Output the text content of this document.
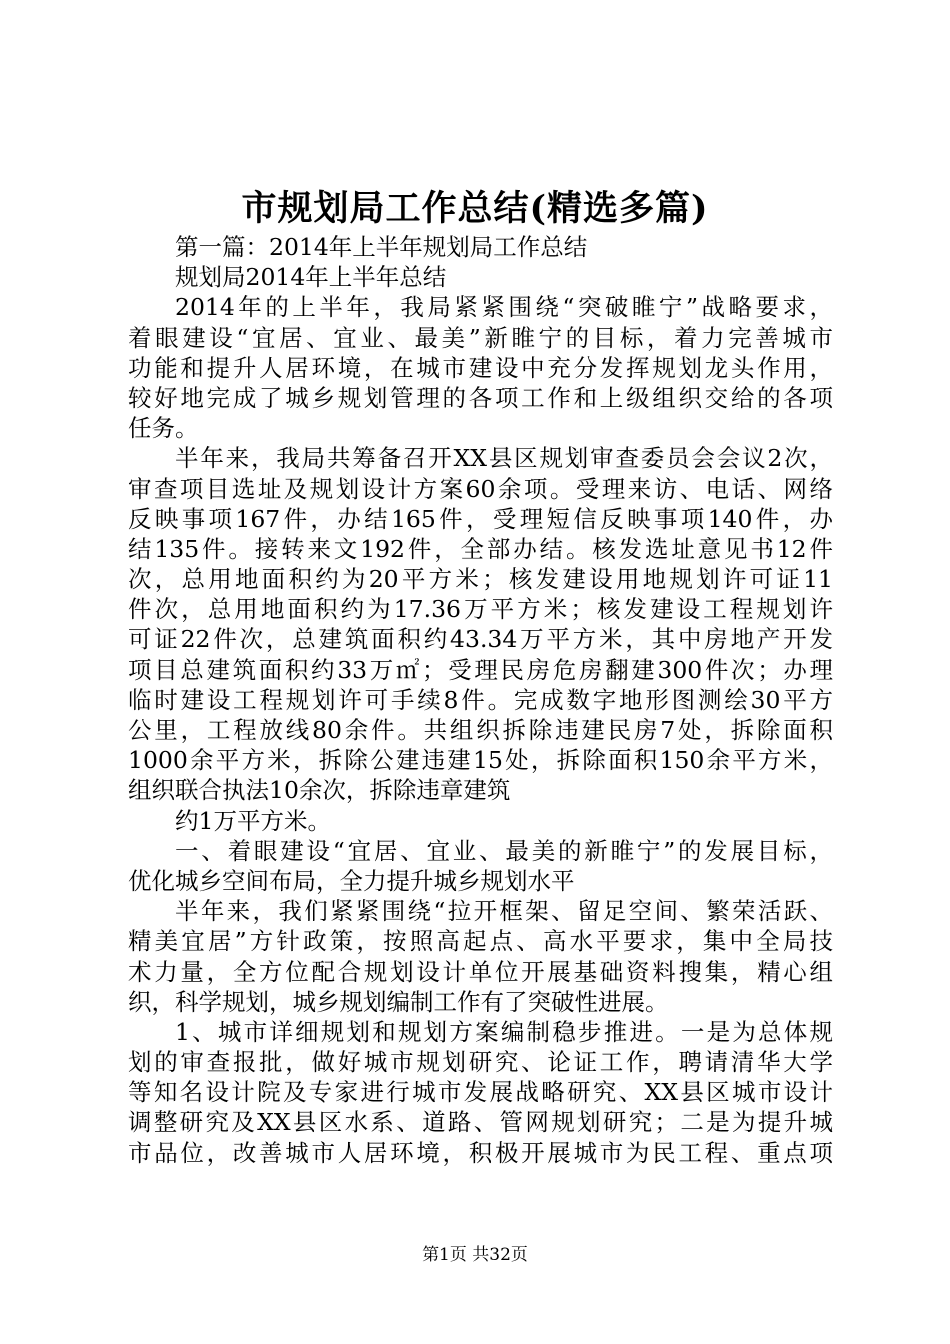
市规划局工作总结(精选多篇)
第一篇：2014年上半年规划局工作总结
规划局2014年上半年总结
2014年的上半年，我局紧紧围绕“突破睢宁”战略要求，
着眼建设“宜居、宜业、最美”新睢宁的目标，着力完善城市
功能和提升人居环境，在城市建设中充分发挥规划龙头作用，
较好地完成了城乡规划管理的各项工作和上级组织交给的各项
任务。
半年来，我局共筹备召开XX县区规划审查委员会会议2次，
审查项目选址及规划设计方案60余项。受理来访、电话、网络
反映事项167件，办结165件，受理短信反映事项140件，办
结135件。接转来文192件，全部办结。核发选址意见书12件
次，总用地面积约为20平方米；核发建设用地规划许可证11
件次，总用地面积约为17.36万平方米；核发建设工程规划许
可证22件次，总建筑面积约43.34万平方米，其中房地产开发
项目总建筑面积约33万㎡；受理民房危房翻建300件次；办理
临时建设工程规划许可手续8件。完成数字地形图测绘30平方
公里，工程放线80余件。共组织拆除违建民房7处，拆除面积
1000余平方米，拆除公建违建15处，拆除面积150余平方米，
组织联合执法10余次，拆除违章建筑
约1万平方米。
一、着眼建设“宜居、宜业、最美的新睢宁”的发展目标，
优化城乡空间布局，全力提升城乡规划水平
半年来，我们紧紧围绕“拉开框架、留足空间、繁荣活跃、
精美宜居”方针政策，按照高起点、高水平要求，集中全局技
术力量，全方位配合规划设计单位开展基础资料搜集，精心组
织，科学规划，城乡规划编制工作有了突破性进展。
1、城市详细规划和规划方案编制稳步推进。一是为总体规
划的审查报批，做好城市规划研究、论证工作，聘请清华大学
等知名设计院及专家进行城市发展战略研究、XX县区城市设计
调整研究及XX县区水系、道路、管网规划研究；二是为提升城
市品位，改善城市人居环境，积极开展城市为民工程、重点项
第1页 共32页
